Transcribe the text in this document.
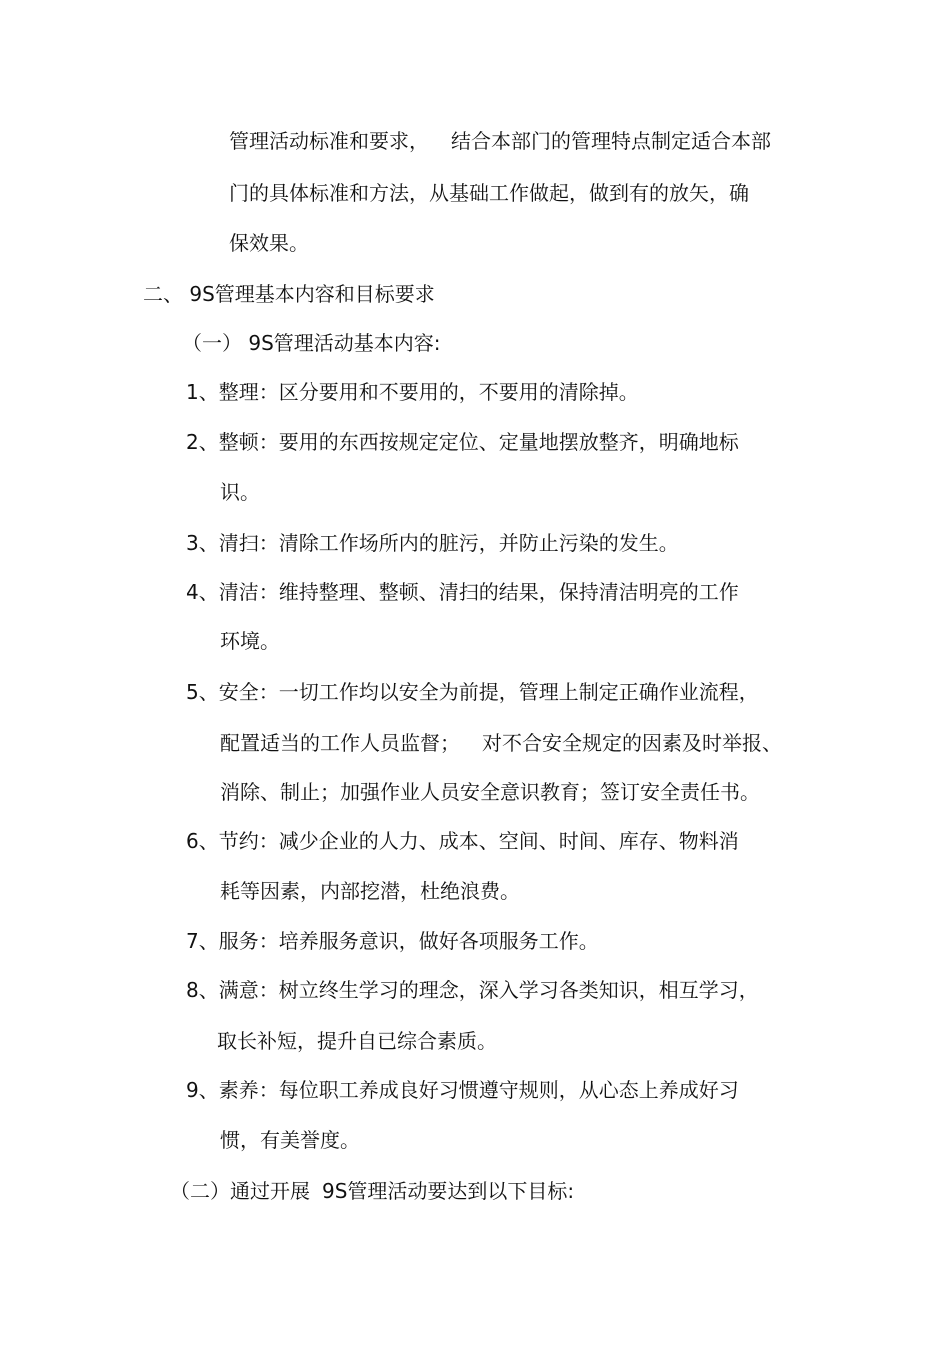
管理活动标准和要求， 结合本部门的管理特点制定适合本部
门的具体标准和方法，从基础工作做起，做到有的放矢，确
保效果。
二、 9S管理基本内容和目标要求
（一） 9S管理活动基本内容:
1、整理：区分要用和不要用的，不要用的清除掉。
2、整顿：要用的东西按规定定位、定量地摆放整齐，明确地标
识。
3、清扫：清除工作场所内的脏污，并防止污染的发生。
4、清洁：维持整理、整顿、清扫的结果，保持清洁明亮的工作
环境。
5、安全：一切工作均以安全为前提，管理上制定正确作业流程，
配置适当的工作人员监督； 对不合安全规定的因素及时举报、
消除、制止；加强作业人员安全意识教育；签订安全责任书。
6、节约：减少企业的人力、成本、空间、时间、库存、物料消
耗等因素，内部挖潜，杜绝浪费。
7、服务：培养服务意识，做好各项服务工作。
8、满意：树立终生学习的理念，深入学习各类知识，相互学习，
取长补短，提升自已综合素质。
9、素养：每位职工养成良好习惯遵守规则，从心态上养成好习
惯，有美誉度。
（二）通过开展 9S管理活动要达到以下目标:
